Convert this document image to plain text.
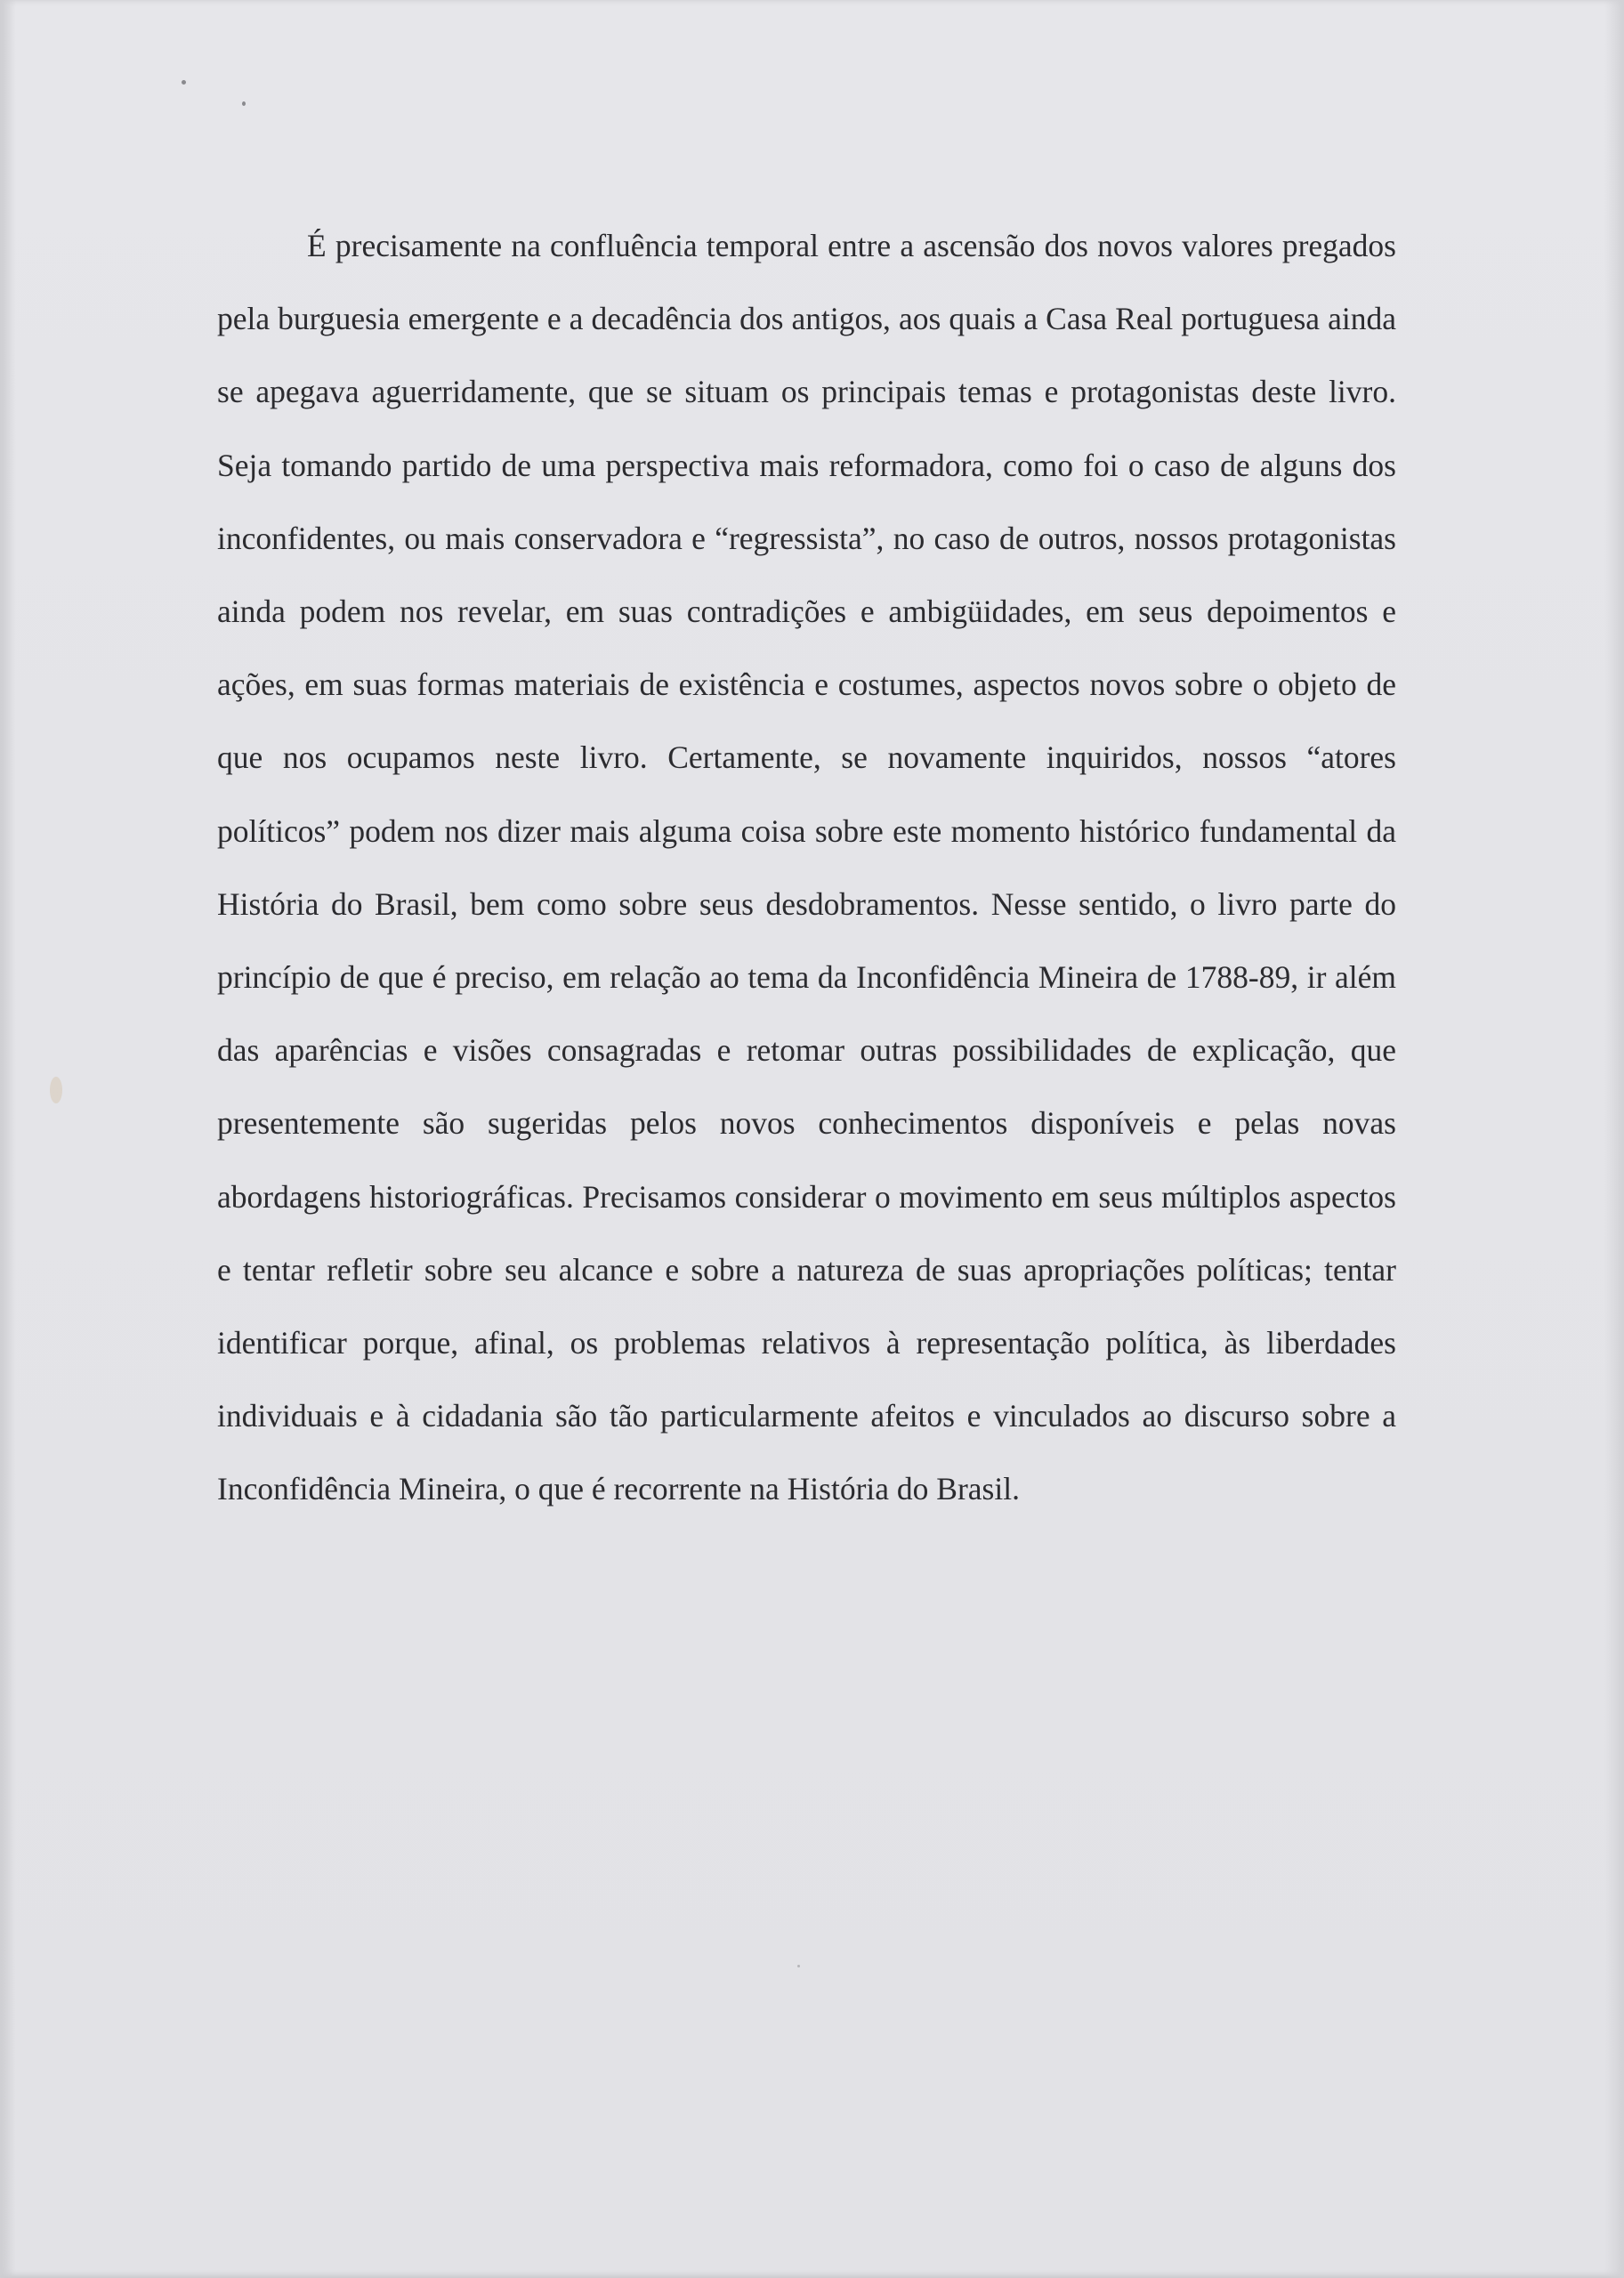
É precisamente na confluência temporal entre a ascensão dos novos valores pregados pela burguesia emergente e a decadência dos antigos, aos quais a Casa Real portuguesa ainda se apegava aguerridamente, que se situam os principais temas e protagonistas deste livro. Seja tomando partido de uma perspectiva mais reformadora, como foi o caso de alguns dos inconfidentes, ou mais conservadora e “regressista”, no caso de outros, nossos protagonistas ainda podem nos revelar, em suas contradições e ambigüidades, em seus depoimentos e ações, em suas formas materiais de existência e costumes, aspectos novos sobre o objeto de que nos ocupamos neste livro. Certamente, se novamente inquiridos, nossos “atores políticos” podem nos dizer mais alguma coisa sobre este momento histórico fundamental da História do Brasil, bem como sobre seus desdobramentos. Nesse sentido, o livro parte do princípio de que é preciso, em relação ao tema da Inconfidência Mineira de 1788-89, ir além das aparências e visões consagradas e retomar outras possibilidades de explicação, que presentemente são sugeridas pelos novos conhecimentos disponíveis e pelas novas abordagens historiográficas. Precisamos considerar o movimento em seus múltiplos aspectos e tentar refletir sobre seu alcance e sobre a natureza de suas apropriações políticas; tentar identificar porque, afinal, os problemas relativos à representação política, às liberdades individuais e à cidadania são tão particularmente afeitos e vinculados ao discurso sobre a Inconfidência Mineira, o que é recorrente na História do Brasil.
